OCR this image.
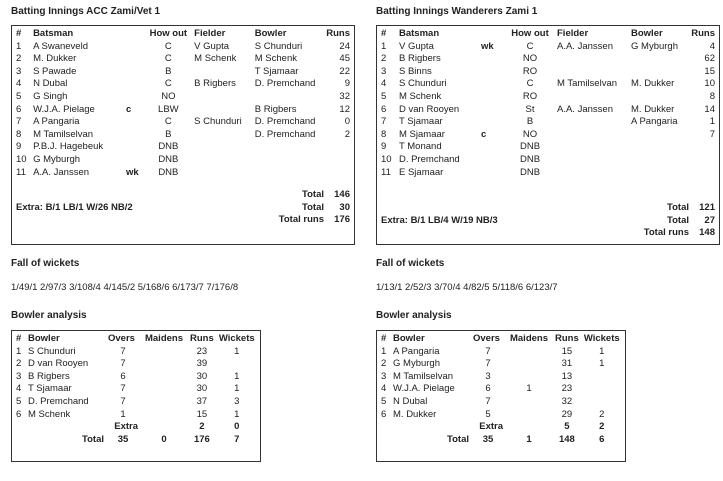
Batting Innings ACC Zami/Vet 1
#	Batsman		How out	Fielder	Bowler	Runs
1	A Swaneveld		C	V Gupta	S Chunduri	24
2	M. Dukker		C	M Schenk	M Schenk	45
3	S Pawade		B		T Sjamaar	22
4	N Dubal		C	B Rigbers	D. Premchand	9
5	G Singh		NO			32
6	W.J.A. Pielage	c	LBW		B Rigbers	12
7	A Pangaria		C	S Chunduri	D. Premchand	0
8	M Tamilselvan		B		D. Premchand	2
9	P.B.J. Hagebeuk		DNB			
10	G Myburgh		DNB			
11	A.A. Janssen	wk	DNB			
Total	146
Extra: B/1 LB/1 W/26 NB/2	Total	30
Total runs	176
Fall of wickets
1/49/1 2/97/3 3/108/4 4/145/2 5/168/6 6/173/7 7/176/8
Bowler analysis
#	Bowler	Overs	Maidens	Runs	Wickets
1	S Chunduri	7		23	1
2	D van Rooyen	7		39	
3	B Rigbers	6		30	1
4	T Sjamaar	7		30	1
5	D. Premchand	7		37	3
6	M Schenk	1		15	1
	Extra			2	0
	Total	35	0	176	7
Batting Innings Wanderers Zami 1
#	Batsman		How out	Fielder	Bowler	Runs
1	V Gupta	wk	C	A.A. Janssen	G Myburgh	4
2	B Rigbers		NO			62
3	S Binns		RO			15
4	S Chunduri		C	M Tamilselvan	M. Dukker	10
5	M Schenk		RO			8
6	D van Rooyen		St	A.A. Janssen	M. Dukker	14
7	T Sjamaar		B		A Pangaria	1
8	M Sjamaar	c	NO			7
9	T Monand		DNB			
10	D. Premchand		DNB			
11	E Sjamaar		DNB			
Total	121
Extra: B/1 LB/4 W/19 NB/3	Total	27
Total runs	148
Fall of wickets
1/13/1 2/52/3 3/70/4 4/82/5 5/118/6 6/123/7
Bowler analysis
#	Bowler	Overs	Maidens	Runs	Wickets
1	A Pangaria	7		15	1
2	G Myburgh	7		31	1
3	M Tamilselvan	3		13	
4	W.J.A. Pielage	6	1	23	
5	N Dubal	7		32	
6	M. Dukker	5		29	2
	Extra			5	2
	Total	35	1	148	6
